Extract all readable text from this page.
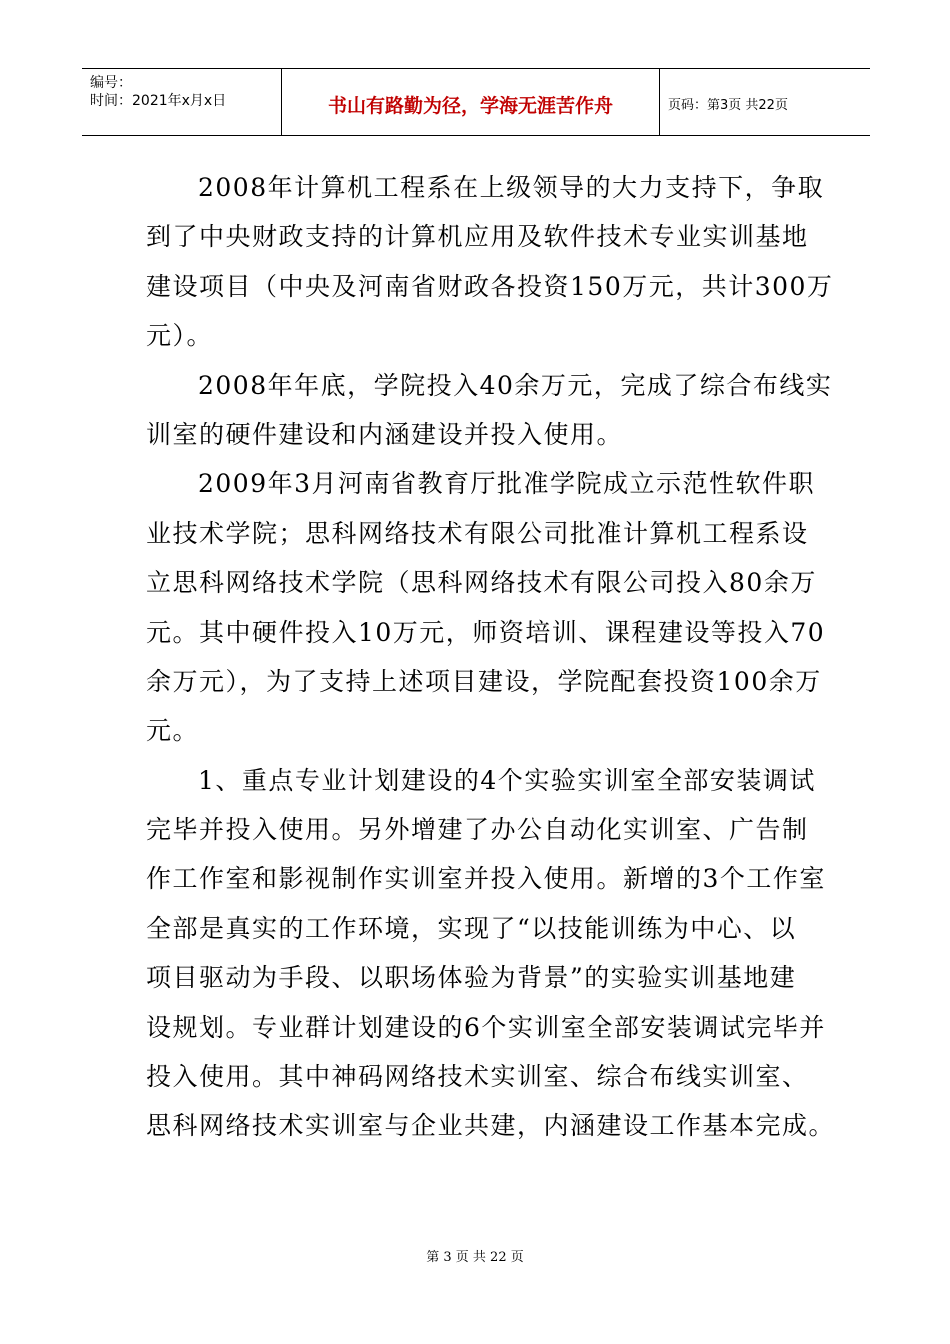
编号：
时间：2021年x月x日	书山有路勤为径，学海无涯苦作舟	页码：第3页 共22页
2008年计算机工程系在上级领导的大力支持下，争取
到了中央财政支持的计算机应用及软件技术专业实训基地
建设项目（中央及河南省财政各投资150万元，共计300万
元）。
2008年年底，学院投入40余万元，完成了综合布线实
训室的硬件建设和内涵建设并投入使用。
2009年3月河南省教育厅批准学院成立示范性软件职
业技术学院；思科网络技术有限公司批准计算机工程系设
立思科网络技术学院（思科网络技术有限公司投入80余万
元。其中硬件投入10万元，师资培训、课程建设等投入70
余万元），为了支持上述项目建设，学院配套投资100余万
元。
1、重点专业计划建设的4个实验实训室全部安装调试
完毕并投入使用。另外增建了办公自动化实训室、广告制
作工作室和影视制作实训室并投入使用。新增的3个工作室
全部是真实的工作环境，实现了“以技能训练为中心、以
项目驱动为手段、以职场体验为背景”的实验实训基地建
设规划。专业群计划建设的6个实训室全部安装调试完毕并
投入使用。其中神码网络技术实训室、综合布线实训室、
思科网络技术实训室与企业共建，内涵建设工作基本完成。
第 3 页 共 22 页
